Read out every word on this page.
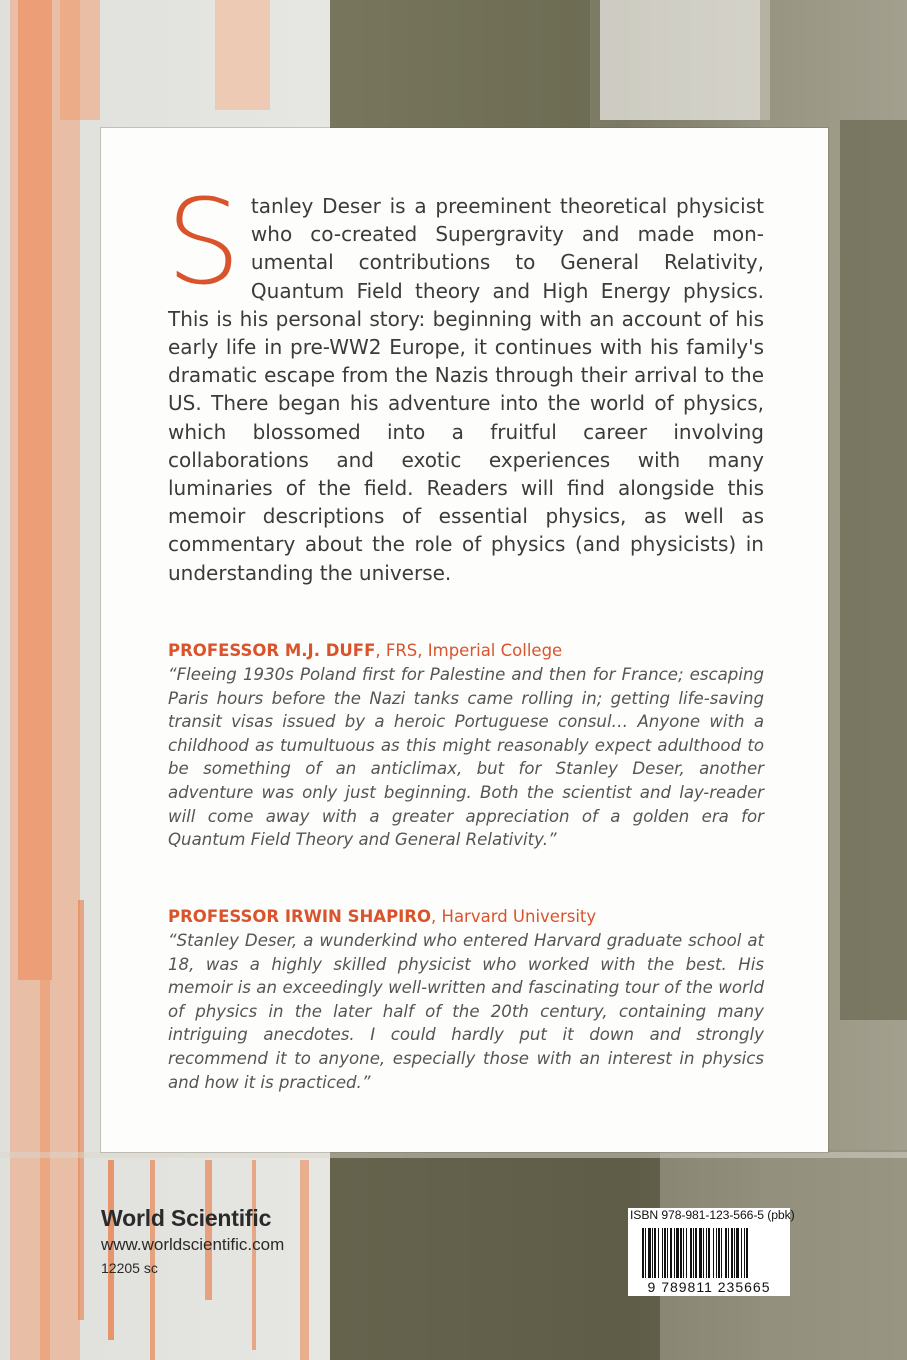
Stanley Deser is a preeminent theoretical physicist who co-created Supergravity and made monumental contributions to General Relativity, Quantum Field theory and High Energy physics. This is his personal story: beginning with an account of his early life in pre-WW2 Europe, it continues with his family's dramatic escape from the Nazis through their arrival to the US. There began his adventure into the world of physics, which blossomed into a fruitful career involving collaborations and exotic experiences with many luminaries of the field. Readers will find alongside this memoir descriptions of essential physics, as well as commentary about the role of physics (and physicists) in understanding the universe.

PROFESSOR M.J. DUFF, FRS, Imperial College

“Fleeing 1930s Poland first for Palestine and then for France; escaping Paris hours before the Nazi tanks came rolling in; getting life-saving transit visas issued by a heroic Portuguese consul… Anyone with a childhood as tumultuous as this might reasonably expect adulthood to be something of an anticlimax, but for Stanley Deser, another adventure was only just beginning. Both the scientist and lay-reader will come away with a greater appreciation of a golden era for Quantum Field Theory and General Relativity.”

PROFESSOR IRWIN SHAPIRO, Harvard University

“Stanley Deser, a wunderkind who entered Harvard graduate school at 18, was a highly skilled physicist who worked with the best. His memoir is an exceedingly well-written and fascinating tour of the world of physics in the later half of the 20th century, containing many intriguing anecdotes. I could hardly put it down and strongly recommend it to anyone, especially those with an interest in physics and how it is practiced.”

World Scientific
www.worldscientific.com
12205 sc
ISBN 978-981-123-566-5 (pbk)
9 789811 235665
